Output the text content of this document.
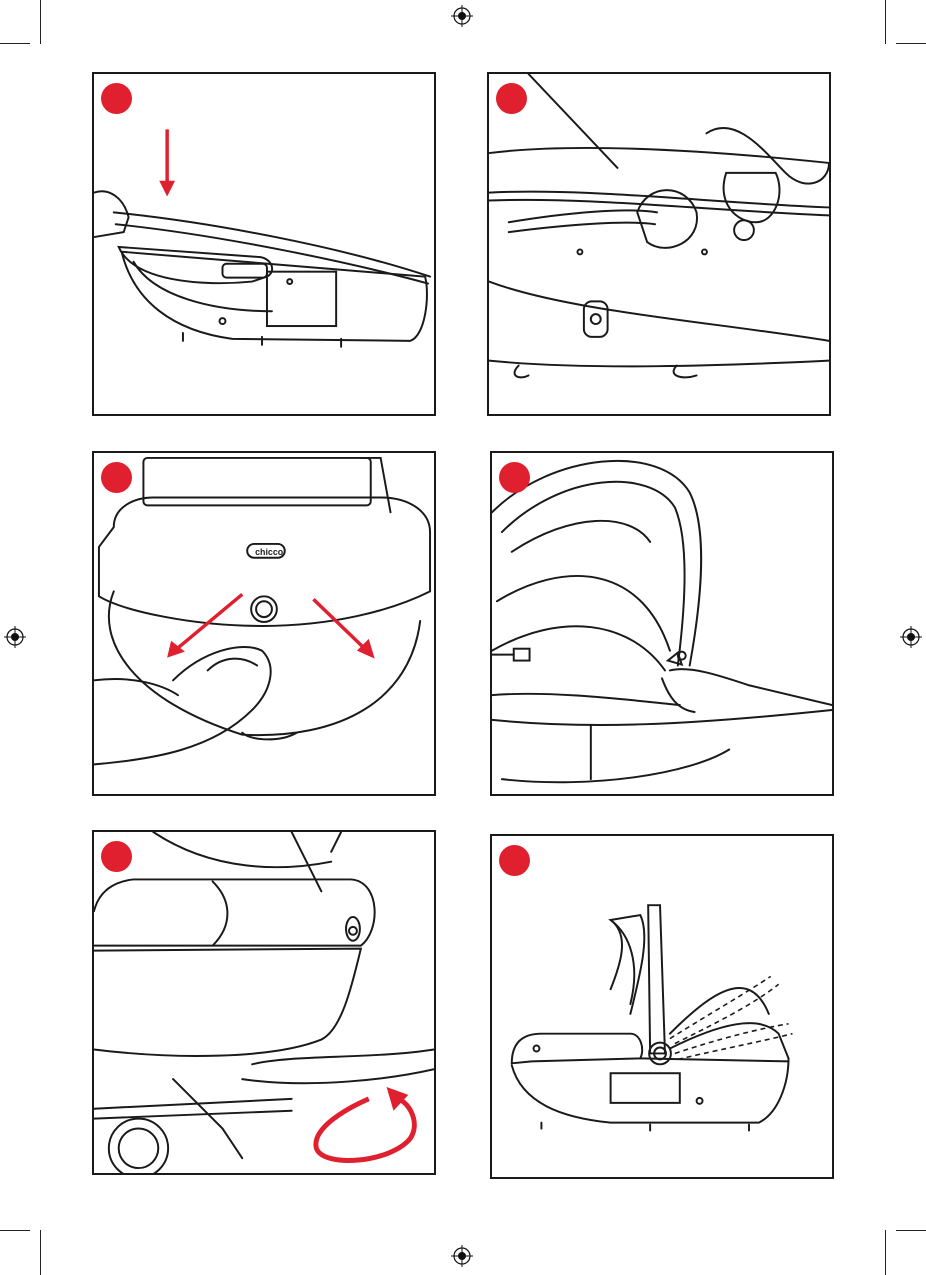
chicco
